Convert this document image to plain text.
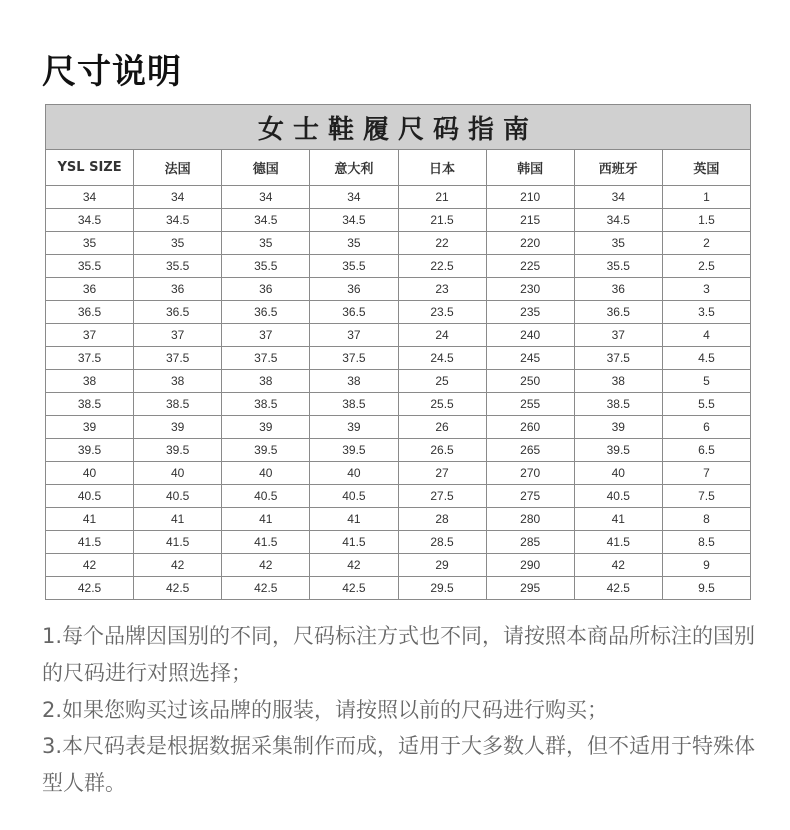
尺寸说明
女士鞋履尺码指南							
YSL SIZE	法国	德国	意大利	日本	韩国	西班牙	英国
34	34	34	34	21	210	34	1
34.5	34.5	34.5	34.5	21.5	215	34.5	1.5
35	35	35	35	22	220	35	2
35.5	35.5	35.5	35.5	22.5	225	35.5	2.5
36	36	36	36	23	230	36	3
36.5	36.5	36.5	36.5	23.5	235	36.5	3.5
37	37	37	37	24	240	37	4
37.5	37.5	37.5	37.5	24.5	245	37.5	4.5
38	38	38	38	25	250	38	5
38.5	38.5	38.5	38.5	25.5	255	38.5	5.5
39	39	39	39	26	260	39	6
39.5	39.5	39.5	39.5	26.5	265	39.5	6.5
40	40	40	40	27	270	40	7
40.5	40.5	40.5	40.5	27.5	275	40.5	7.5
41	41	41	41	28	280	41	8
41.5	41.5	41.5	41.5	28.5	285	41.5	8.5
42	42	42	42	29	290	42	9
42.5	42.5	42.5	42.5	29.5	295	42.5	9.5

1.每个品牌因国别的不同，尺码标注方式也不同，请按照本商品所标注的国别的尺码进行对照选择；

2.如果您购买过该品牌的服装，请按照以前的尺码进行购买；

3.本尺码表是根据数据采集制作而成，适用于大多数人群，但不适用于特殊体型人群。
